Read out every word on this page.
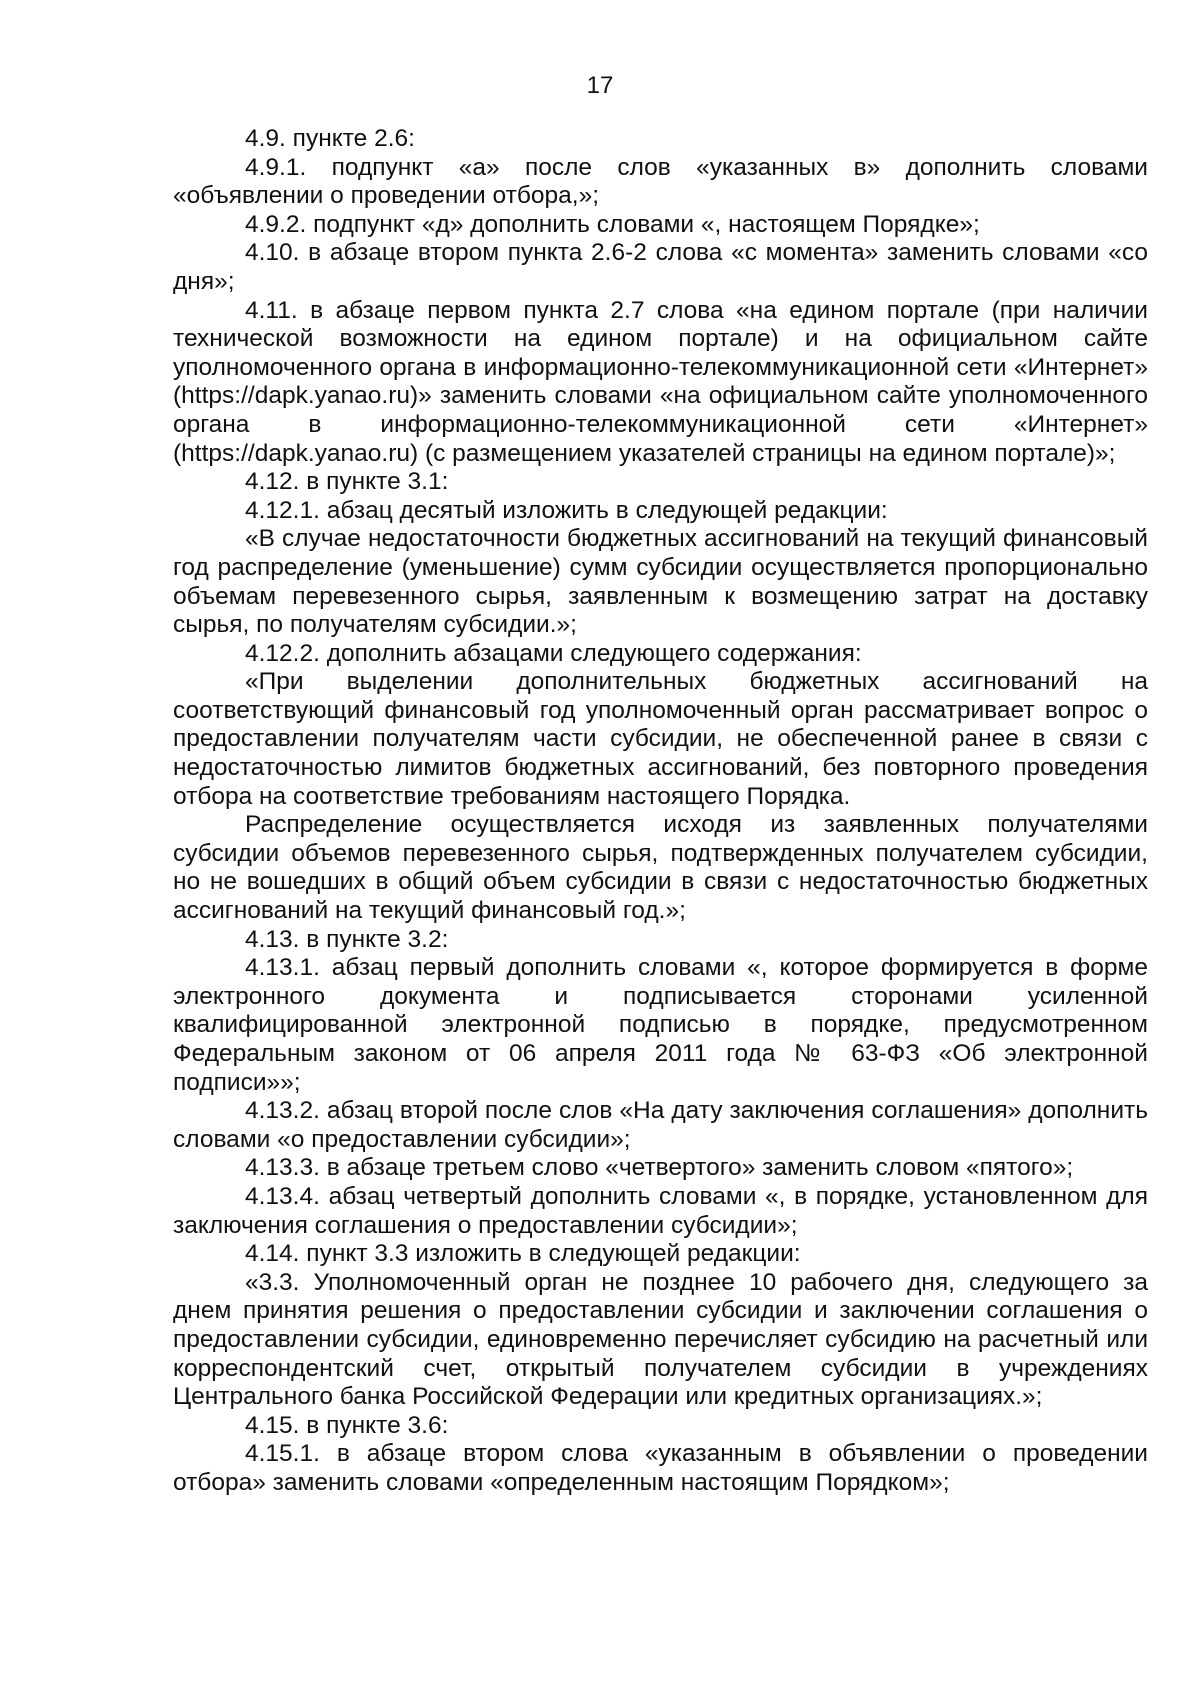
17

4.9. пункте 2.6:

4.9.1. подпункт «а» после слов «указанных в» дополнить словами «объявлении о проведении отбора,»;

4.9.2. подпункт «д» дополнить словами «, настоящем Порядке»;

4.10. в абзаце втором пункта 2.6-2 слова «с момента» заменить словами «со дня»;

4.11. в абзаце первом пункта 2.7 слова «на едином портале (при наличии технической возможности на едином портале) и на официальном сайте уполномоченного органа в информационно-телекоммуникационной сети «Интернет» (https://dapk.yanao.ru)» заменить словами «на официальном сайте уполномоченного органа в информационно-телекоммуникационной сети «Интернет» (https://dapk.yanao.ru) (с размещением указателей страницы на едином портале)»;

4.12. в пункте 3.1:

4.12.1. абзац десятый изложить в следующей редакции:

«В случае недостаточности бюджетных ассигнований на текущий финансовый год распределение (уменьшение) сумм субсидии осуществляется пропорционально объемам перевезенного сырья, заявленным к возмещению затрат на доставку сырья, по получателям субсидии.»;

4.12.2. дополнить абзацами следующего содержания:

«При выделении дополнительных бюджетных ассигнований на соответствующий финансовый год уполномоченный орган рассматривает вопрос о предоставлении получателям части субсидии, не обеспеченной ранее в связи с недостаточностью лимитов бюджетных ассигнований, без повторного проведения отбора на соответствие требованиям настоящего Порядка.

Распределение осуществляется исходя из заявленных получателями субсидии объемов перевезенного сырья, подтвержденных получателем субсидии, но не вошедших в общий объем субсидии в связи с недостаточностью бюджетных ассигнований на текущий финансовый год.»;

4.13. в пункте 3.2:

4.13.1. абзац первый дополнить словами «, которое формируется в форме электронного документа и подписывается сторонами усиленной квалифицированной электронной подписью в порядке, предусмотренном Федеральным законом от 06 апреля 2011 года № 63-ФЗ «Об электронной подписи»»;

4.13.2. абзац второй после слов «На дату заключения соглашения» дополнить словами «о предоставлении субсидии»;

4.13.3. в абзаце третьем слово «четвертого» заменить словом «пятого»;

4.13.4. абзац четвертый дополнить словами «, в порядке, установленном для заключения соглашения о предоставлении субсидии»;

4.14. пункт 3.3 изложить в следующей редакции:

«3.3. Уполномоченный орган не позднее 10 рабочего дня, следующего за днем принятия решения о предоставлении субсидии и заключении соглашения о предоставлении субсидии, единовременно перечисляет субсидию на расчетный или корреспондентский счет, открытый получателем субсидии в учреждениях Центрального банка Российской Федерации или кредитных организациях.»;

4.15. в пункте 3.6:

4.15.1. в абзаце втором слова «указанным в объявлении о проведении отбора» заменить словами «определенным настоящим Порядком»;
